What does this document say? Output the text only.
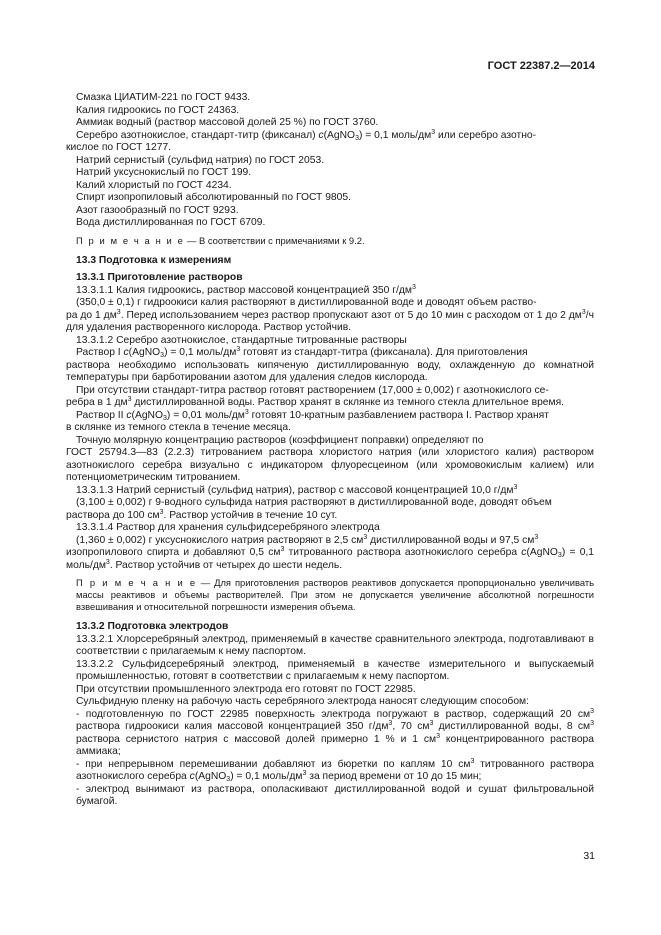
ГОСТ 22387.2—2014

Смазка ЦИАТИМ-221 по ГОСТ 9433.

Калия гидроокись по ГОСТ 24363.

Аммиак водный (раствор массовой долей 25 %) по ГОСТ 3760.

Серебро азотнокислое, стандарт-титр (фиксанал) c(AgNO$_3$) = 0,1 моль/$дм^3$ или серебро азотно-

кислое по ГОСТ 1277.

Натрий сернистый (сульфид натрия) по ГОСТ 2053.

Натрий уксуснокислый по ГОСТ 199.

Калий хлористый по ГОСТ 4234.

Спирт изопропиловый абсолютированный по ГОСТ 9805.

Азот газообразный по ГОСТ 9293.

Вода дистиллированная по ГОСТ 6709.

П р и м е ч а н и е — В соответствии с примечаниями к 9.2.

13.3 Подготовка к измерениям

13.3.1 Приготовление растворов

13.3.1.1 Калия гидроокись, раствор массовой концентрацией 350 $г/дм^3$

(350,0 ± 0,1) г гидроокиси калия растворяют в дистиллированной воде и доводят объем раство-

ра до 1 $дм^3$. Перед использованием через раствор пропускают азот от 5 до 10 мин с расходом от 1 до 2 $дм^3/ч$ для удаления растворенного кислорода. Раствор устойчив.

13.3.1.2 Серебро азотнокислое, стандартные титрованные растворы

Раствор I c(AgNO$_3$) = 0,1 моль/$дм^3$ готовят из стандарт-титра (фиксанала). Для приготовления

раствора необходимо использовать кипяченую дистиллированную воду, охлажденную до комнатной температуры при барботировании азотом для удаления следов кислорода.

При отсутствии стандарт-титра раствор готовят растворением (17,000 ± 0,002) г азотнокислого се-

ребра в 1 $дм^3$ дистиллированной воды. Раствор хранят в склянке из темного стекла длительное время.

Раствор II c(AgNO$_3$) = 0,01 моль/$дм^3$ готовят 10-кратным разбавлением раствора I. Раствор хранят

в склянке из темного стекла в течение месяца.

Точную молярную концентрацию растворов (коэффициент поправки) определяют по

ГОСТ 25794.3—83 (2.2.3) титрованием раствора хлористого натрия (или хлористого калия) раствором азотнокислого серебра визуально с индикатором флуоресцеином (или хромовокислым калием) или потенциометрическим титрованием.

13.3.1.3 Натрий сернистый (сульфид натрия), раствор с массовой концентрацией 10,0 $г/дм^3$

(3,100 ± 0,002) г 9-водного сульфида натрия растворяют в дистиллированной воде, доводят объем

раствора до 100 $см^3$. Раствор устойчив в течение 10 сут.

13.3.1.4 Раствор для хранения сульфидсеребряного электрода

(1,360 ± 0,002) г уксуснокислого натрия растворяют в 2,5 $см^3$ дистиллированной воды и 97,5 $см^3$

изопропилового спирта и добавляют 0,5 $см^3$ титрованного раствора азотнокислого серебра c(AgNO$_3$) = 0,1 моль/$дм^3$. Раствор устойчив от четырех до шести недель.

П р и м е ч а н и е — Для приготовления растворов реактивов допускается пропорционально увеличивать массы реактивов и объемы растворителей. При этом не допускается увеличение абсолютной погрешности взвешивания и относительной погрешности измерения объема.

13.3.2 Подготовка электродов

13.3.2.1 Хлорсеребряный электрод, применяемый в качестве сравнительного электрода, подготавливают в соответствии с прилагаемым к нему паспортом.

13.3.2.2 Сульфидсеребряный электрод, применяемый в качестве измерительного и выпускаемый промышленностью, готовят в соответствии с прилагаемым к нему паспортом.

При отсутствии промышленного электрода его готовят по ГОСТ 22985.

Сульфидную пленку на рабочую часть серебряного электрода наносят следующим способом:

- подготовленную по ГОСТ 22985 поверхность электрода погружают в раствор, содержащий 20 $см^3$ раствора гидроокиси калия массовой концентрацией 350 $г/дм^3$, 70 $см^3$ дистиллированной воды, 8 $см^3$ раствора сернистого натрия с массовой долей примерно 1 % и 1 $см^3$ концентрированного раствора аммиака;

- при непрерывном перемешивании добавляют из бюретки по каплям 10 $см^3$ титрованного раствора азотнокислого серебра c(AgNO$_3$) = 0,1 моль/$дм^3$ за период времени от 10 до 15 мин;

- электрод вынимают из раствора, ополаскивают дистиллированной водой и сушат фильтровальной бумагой.

31
